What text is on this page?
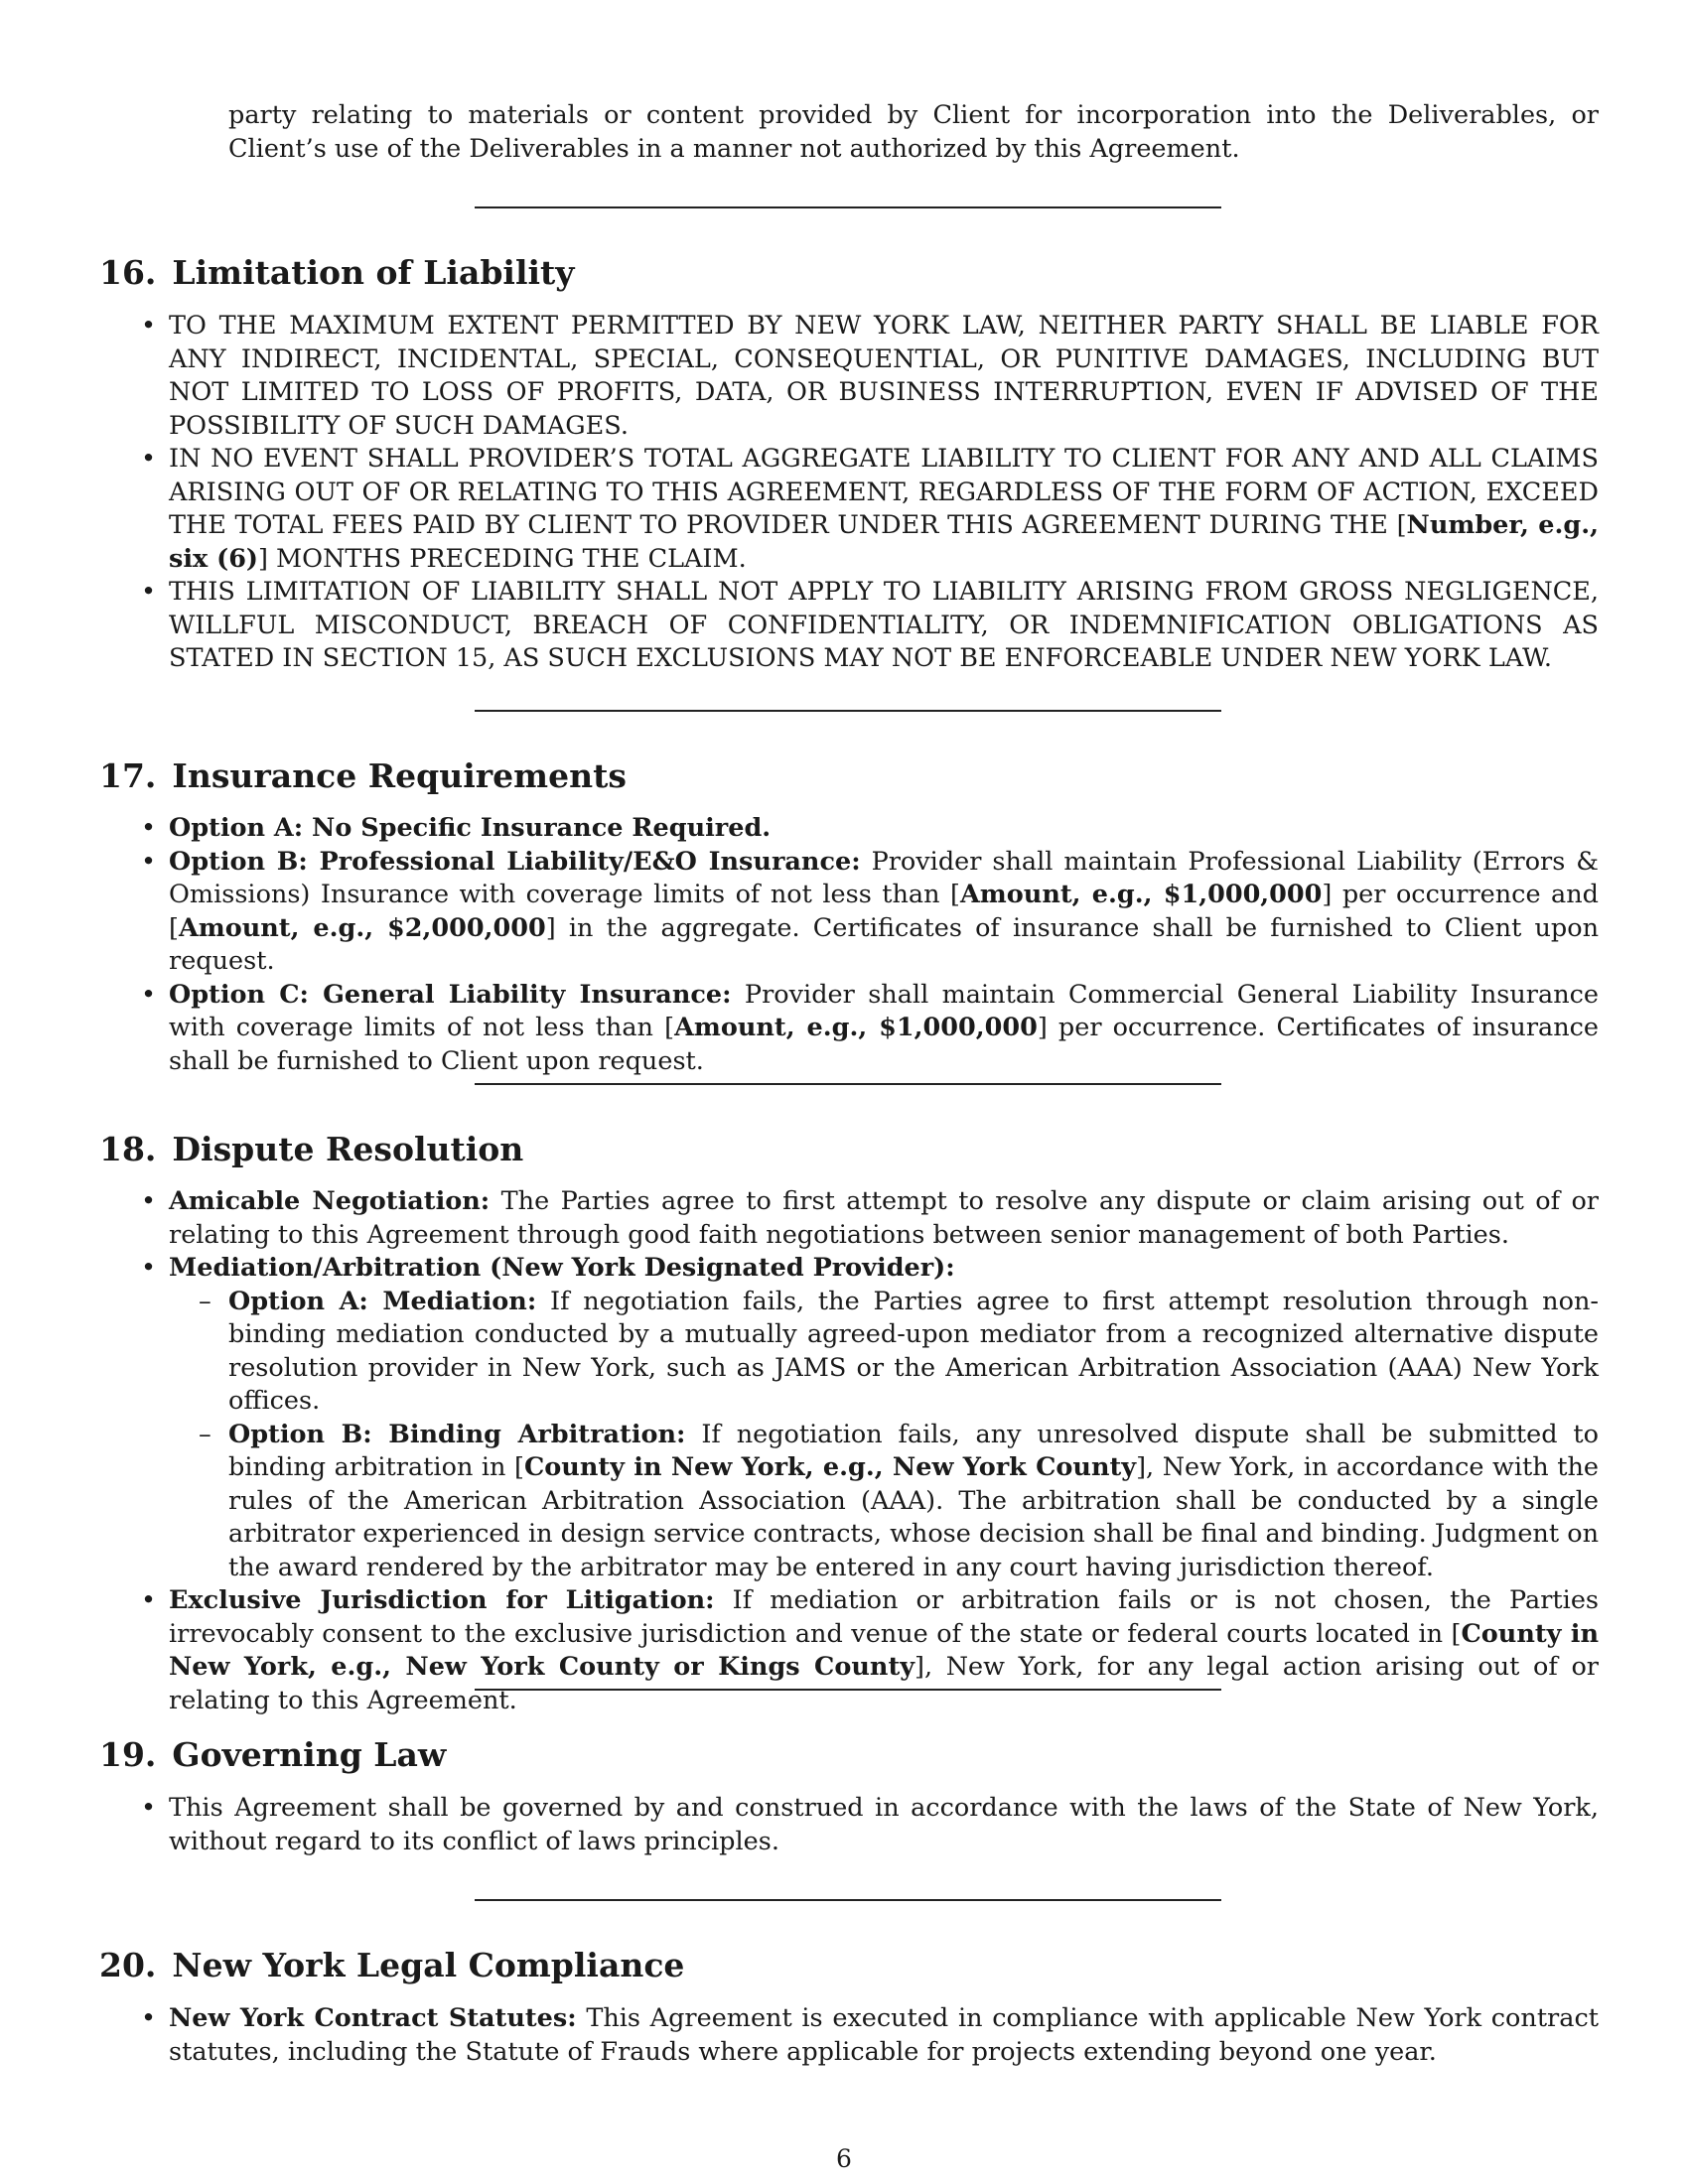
party relating to materials or content provided by Client for incorporation into the Deliverables, or Client’s use of the Deliverables in a manner not authorized by this Agreement.

16. Limitation of Liability
• TO THE MAXIMUM EXTENT PERMITTED BY NEW YORK LAW, NEITHER PARTY SHALL BE LIABLE FOR ANY INDIRECT, INCIDENTAL, SPECIAL, CONSEQUENTIAL, OR PUNITIVE DAMAGES, INCLUDING BUT NOT LIMITED TO LOSS OF PROFITS, DATA, OR BUSINESS INTERRUPTION, EVEN IF ADVISED OF THE POSSIBILITY OF SUCH DAMAGES.
• IN NO EVENT SHALL PROVIDER’S TOTAL AGGREGATE LIABILITY TO CLIENT FOR ANY AND ALL CLAIMS ARISING OUT OF OR RELATING TO THIS AGREEMENT, REGARDLESS OF THE FORM OF ACTION, EXCEED THE TOTAL FEES PAID BY CLIENT TO PROVIDER UNDER THIS AGREEMENT DURING THE [Number, e.g., six (6)] MONTHS PRECEDING THE CLAIM.
• THIS LIMITATION OF LIABILITY SHALL NOT APPLY TO LIABILITY ARISING FROM GROSS NEGLIGENCE, WILLFUL MISCONDUCT, BREACH OF CONFIDENTIALITY, OR INDEMNIFICATION OBLIGATIONS AS STATED IN SECTION 15, AS SUCH EXCLUSIONS MAY NOT BE ENFORCEABLE UNDER NEW YORK LAW.
17. Insurance Requirements
• Option A: No Specific Insurance Required.
• Option B: Professional Liability/E&O Insurance: Provider shall maintain Professional Liability (Errors & Omissions) Insurance with coverage limits of not less than [Amount, e.g., $1,000,000] per occurrence and [Amount, e.g., $2,000,000] in the aggregate. Certificates of insurance shall be furnished to Client upon request.
• Option C: General Liability Insurance: Provider shall maintain Commercial General Liability Insurance with coverage limits of not less than [Amount, e.g., $1,000,000] per occurrence. Certificates of insurance shall be furnished to Client upon request.
18. Dispute Resolution
• Amicable Negotiation: The Parties agree to first attempt to resolve any dispute or claim arising out of or relating to this Agreement through good faith negotiations between senior management of both Parties.
• Mediation/Arbitration (New York Designated Provider):
– Option A: Mediation: If negotiation fails, the Parties agree to first attempt resolution through non-binding mediation conducted by a mutually agreed-upon mediator from a recognized alternative dispute resolution provider in New York, such as JAMS or the American Arbitration Association (AAA) New York offices.
– Option B: Binding Arbitration: If negotiation fails, any unresolved dispute shall be submitted to binding arbitration in [County in New York, e.g., New York County], New York, in accordance with the rules of the American Arbitration Association (AAA). The arbitration shall be conducted by a single arbitrator experienced in design service contracts, whose decision shall be final and binding. Judgment on the award rendered by the arbitrator may be entered in any court having jurisdiction thereof.
• Exclusive Jurisdiction for Litigation: If mediation or arbitration fails or is not chosen, the Parties irrevocably consent to the exclusive jurisdiction and venue of the state or federal courts located in [County in New York, e.g., New York County or Kings County], New York, for any legal action arising out of or relating to this Agreement.
19. Governing Law
• This Agreement shall be governed by and construed in accordance with the laws of the State of New York, without regard to its conflict of laws principles.
20. New York Legal Compliance
• New York Contract Statutes: This Agreement is executed in compliance with applicable New York contract statutes, including the Statute of Frauds where applicable for projects extending beyond one year.
6
